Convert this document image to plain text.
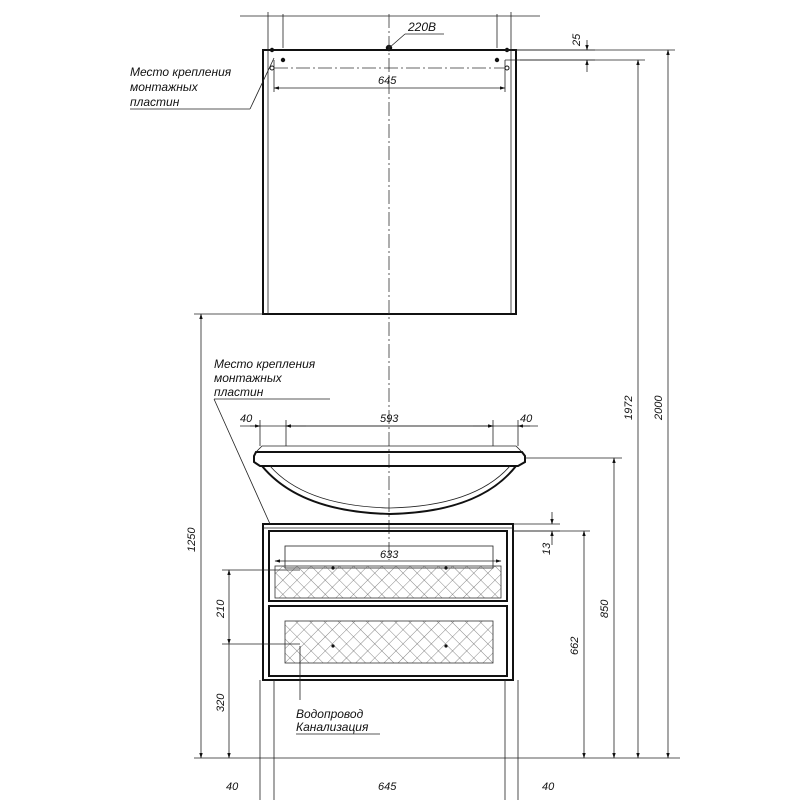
645
220В
25
Место крепления
монтажных
пластин
40	593	40
Место крепления
монтажных
пластин
633	13
662
850
1972 2000
1250
210
320
Водопровод
Канализация
40	645	40
